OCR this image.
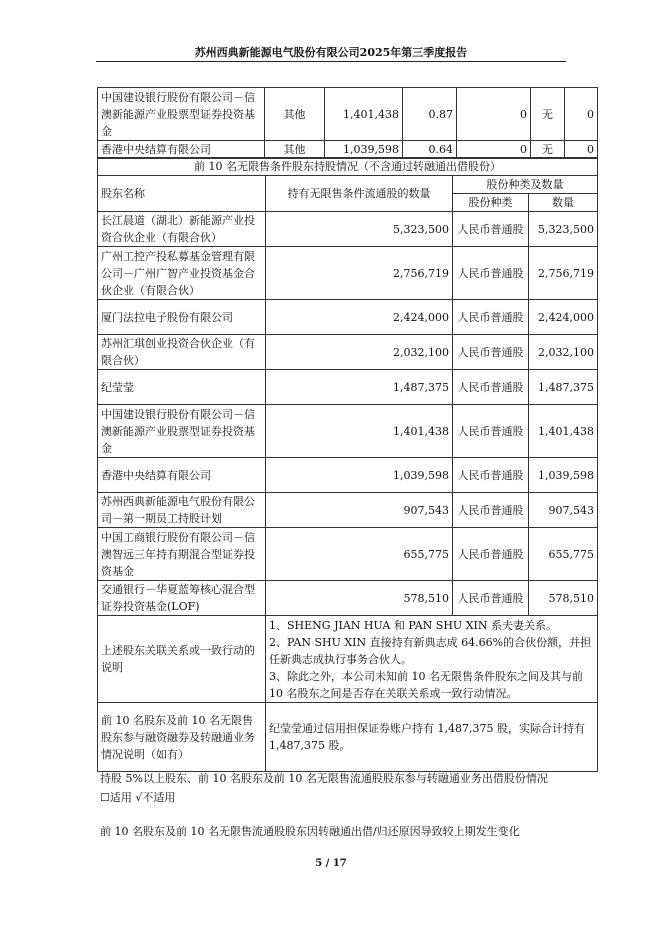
苏州西典新能源电气股份有限公司2025年第三季度报告
中国建设银行股份有限公司－信澳新能源产业股票型证券投资基金	其他	1,401,438	0.87	0	无	0
香港中央结算有限公司	其他	1,039,598	0.64	0	无	0
前 10 名无限售条件股东持股情况（不含通过转融通出借股份）			
股东名称	持有无限售条件流通股的数量	股份种类及数量	
		股份种类	数量
长江晨道（湖北）新能源产业投资合伙企业（有限合伙）	5,323,500	人民币普通股	5,323,500
广州工控产投私募基金管理有限公司－广州广智产业投资基金合伙企业（有限合伙）	2,756,719	人民币普通股	2,756,719
厦门法拉电子股份有限公司	2,424,000	人民币普通股	2,424,000
苏州汇琪创业投资合伙企业（有限合伙）	2,032,100	人民币普通股	2,032,100
纪莹莹	1,487,375	人民币普通股	1,487,375
中国建设银行股份有限公司－信澳新能源产业股票型证券投资基金	1,401,438	人民币普通股	1,401,438
香港中央结算有限公司	1,039,598	人民币普通股	1,039,598
苏州西典新能源电气股份有限公司－第一期员工持股计划	907,543	人民币普通股	907,543
中国工商银行股份有限公司－信澳智远三年持有期混合型证券投资基金	655,775	人民币普通股	655,775
交通银行－华夏蓝筹核心混合型证券投资基金(LOF)	578,510	人民币普通股	578,510
上述股东关联关系或一致行动的说明	1、SHENG JIAN HUA 和 PAN SHU XIN 系夫妻关系。
2、PAN SHU XIN 直接持有新典志成 64.66%的合伙份额，并担任新典志成执行事务合伙人。
3、除此之外，本公司未知前 10 名无限售条件股东之间及其与前 10 名股东之间是否存在关联关系或一致行动情况。		

前 10 名股东及前 10 名无限售股东参与融资融券及转融通业务情况说明（如有）	纪莹莹通过信用担保证券账户持有 1,487,375 股，实际合计持有 1,487,375 股。		
持股 5%以上股东、前 10 名股东及前 10 名无限售流通股股东参与转融通业务出借股份情况
☐适用 √不适用
前 10 名股东及前 10 名无限售流通股股东因转融通出借/归还原因导致较上期发生变化
5 / 17
